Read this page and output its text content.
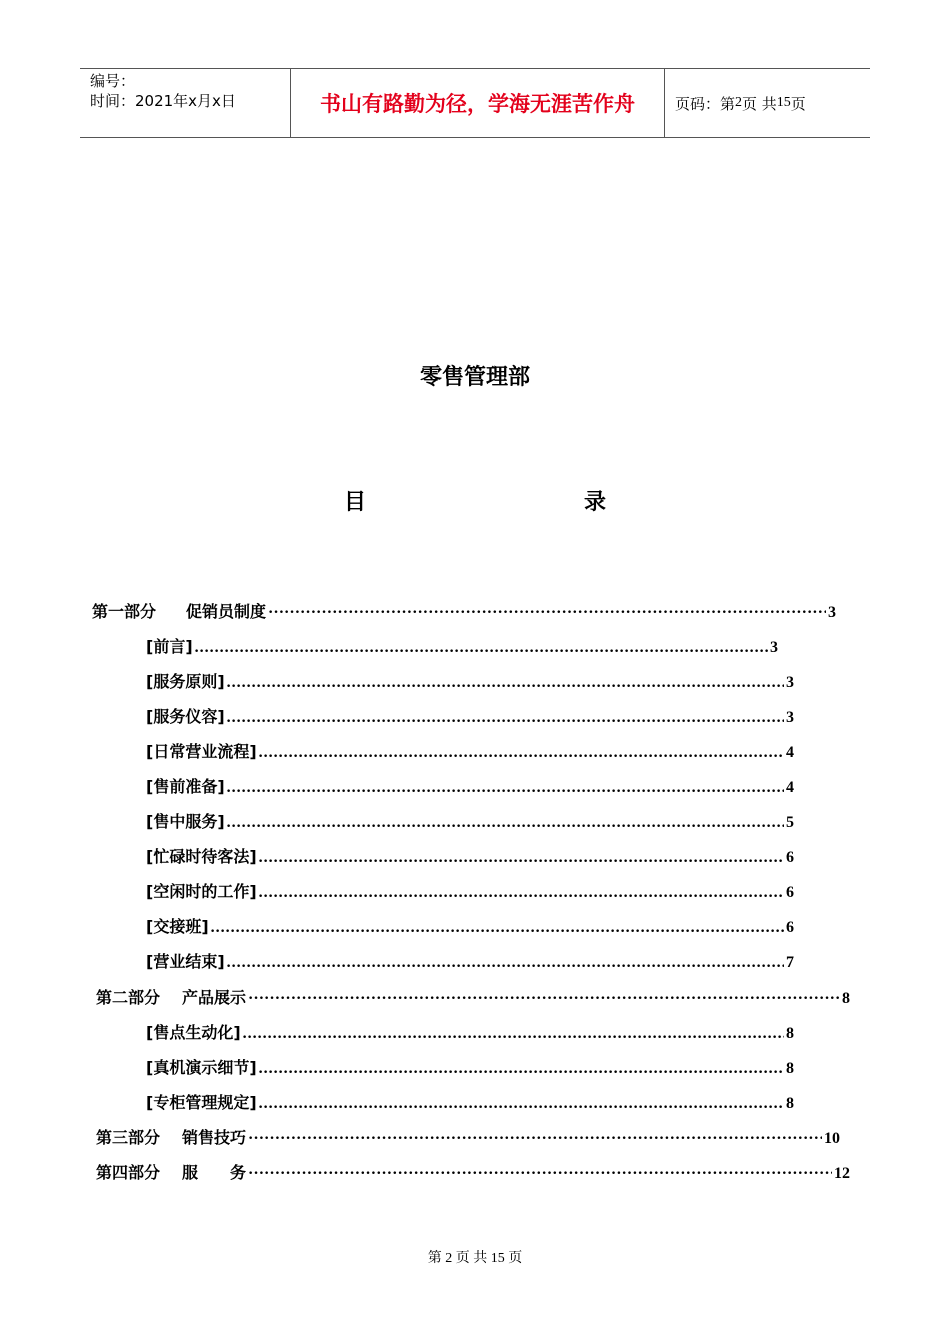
编号：
时间：2021年x月x日	书山有路勤为径，学海无涯苦作舟	页码：第 2 页 共 15 页
零售管理部
目	录
第一部分 促销员制度 ·····	3
[前言] .....	3
[服务原则] .....	3
[服务仪容] .....	3
[日常营业流程] .....	4
[售前准备] .....	4
[售中服务] .....	5
[忙碌时待客法] .....	6
[空闲时的工作] .....	6
[交接班] .....	6
[营业结束] .....	7
第二部分 产品展示 ·····	8
[售点生动化] .....	8
[真机演示细节] .....	8
[专柜管理规定] .....	8
第三部分 销售技巧 ·····	10
第四部分 服　　务 ·····	12
第 2 页 共 15 页
